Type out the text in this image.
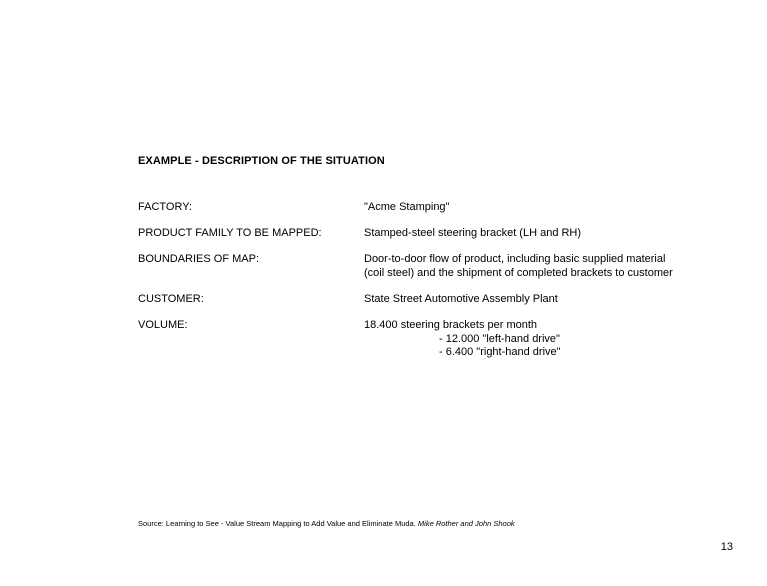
EXAMPLE - DESCRIPTION OF THE SITUATION
FACTORY:	"Acme Stamping"
PRODUCT FAMILY TO BE MAPPED:	Stamped-steel steering bracket (LH and RH)
BOUNDARIES OF MAP:	Door-to-door flow of product, including basic supplied material
(coil steel) and the shipment of completed brackets to customer
CUSTOMER:	State Street Automotive Assembly Plant
VOLUME:	18.400 steering brackets per month
- 12.000 "left-hand drive"
- 6.400 "right-hand drive"
Source: Learning to See - Value Stream Mapping to Add Value and Eliminate Muda. Mike Rother and John Shook
13
